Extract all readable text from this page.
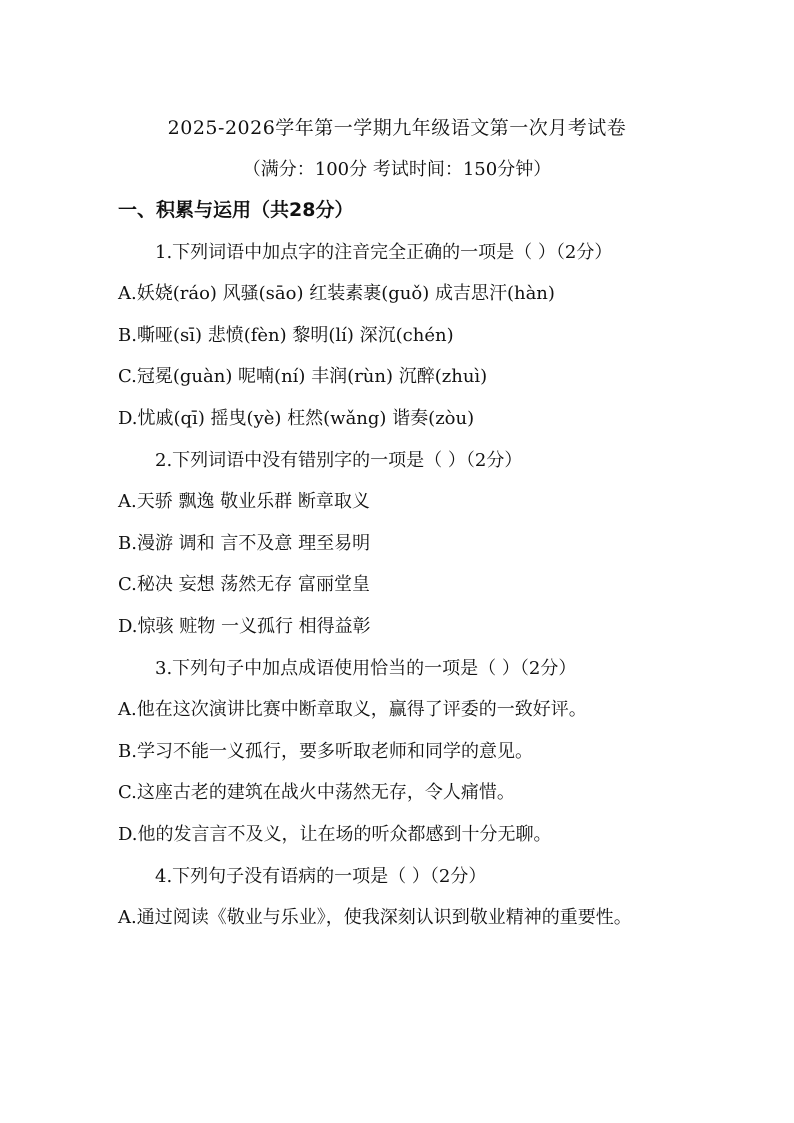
2025-2026学年第一学期九年级语文第一次月考试卷
（满分：100分 考试时间：150分钟）
一、积累与运用（共28分）
1.下列词语中加点字的注音完全正确的一项是（ ）（2分）
A.妖娆(ráo) 风骚(sāo) 红装素裹(guǒ) 成吉思汗(hàn)
B.嘶哑(sī) 悲愤(fèn) 黎明(lí) 深沉(chén)
C.冠冕(guàn) 呢喃(ní) 丰润(rùn) 沉醉(zhuì)
D.忧戚(qī) 摇曳(yè) 枉然(wǎng) 谐奏(zòu)
2.下列词语中没有错别字的一项是（ ）（2分）
A.天骄 飘逸 敬业乐群 断章取义
B.漫游 调和 言不及意 理至易明
C.秘决 妄想 荡然无存 富丽堂皇
D.惊骇 赃物 一义孤行 相得益彰
3.下列句子中加点成语使用恰当的一项是（ ）（2分）
A.他在这次演讲比赛中断章取义，赢得了评委的一致好评。
B.学习不能一义孤行，要多听取老师和同学的意见。
C.这座古老的建筑在战火中荡然无存，令人痛惜。
D.他的发言言不及义，让在场的听众都感到十分无聊。
4.下列句子没有语病的一项是（ ）（2分）
A.通过阅读《敬业与乐业》，使我深刻认识到敬业精神的重要性。
